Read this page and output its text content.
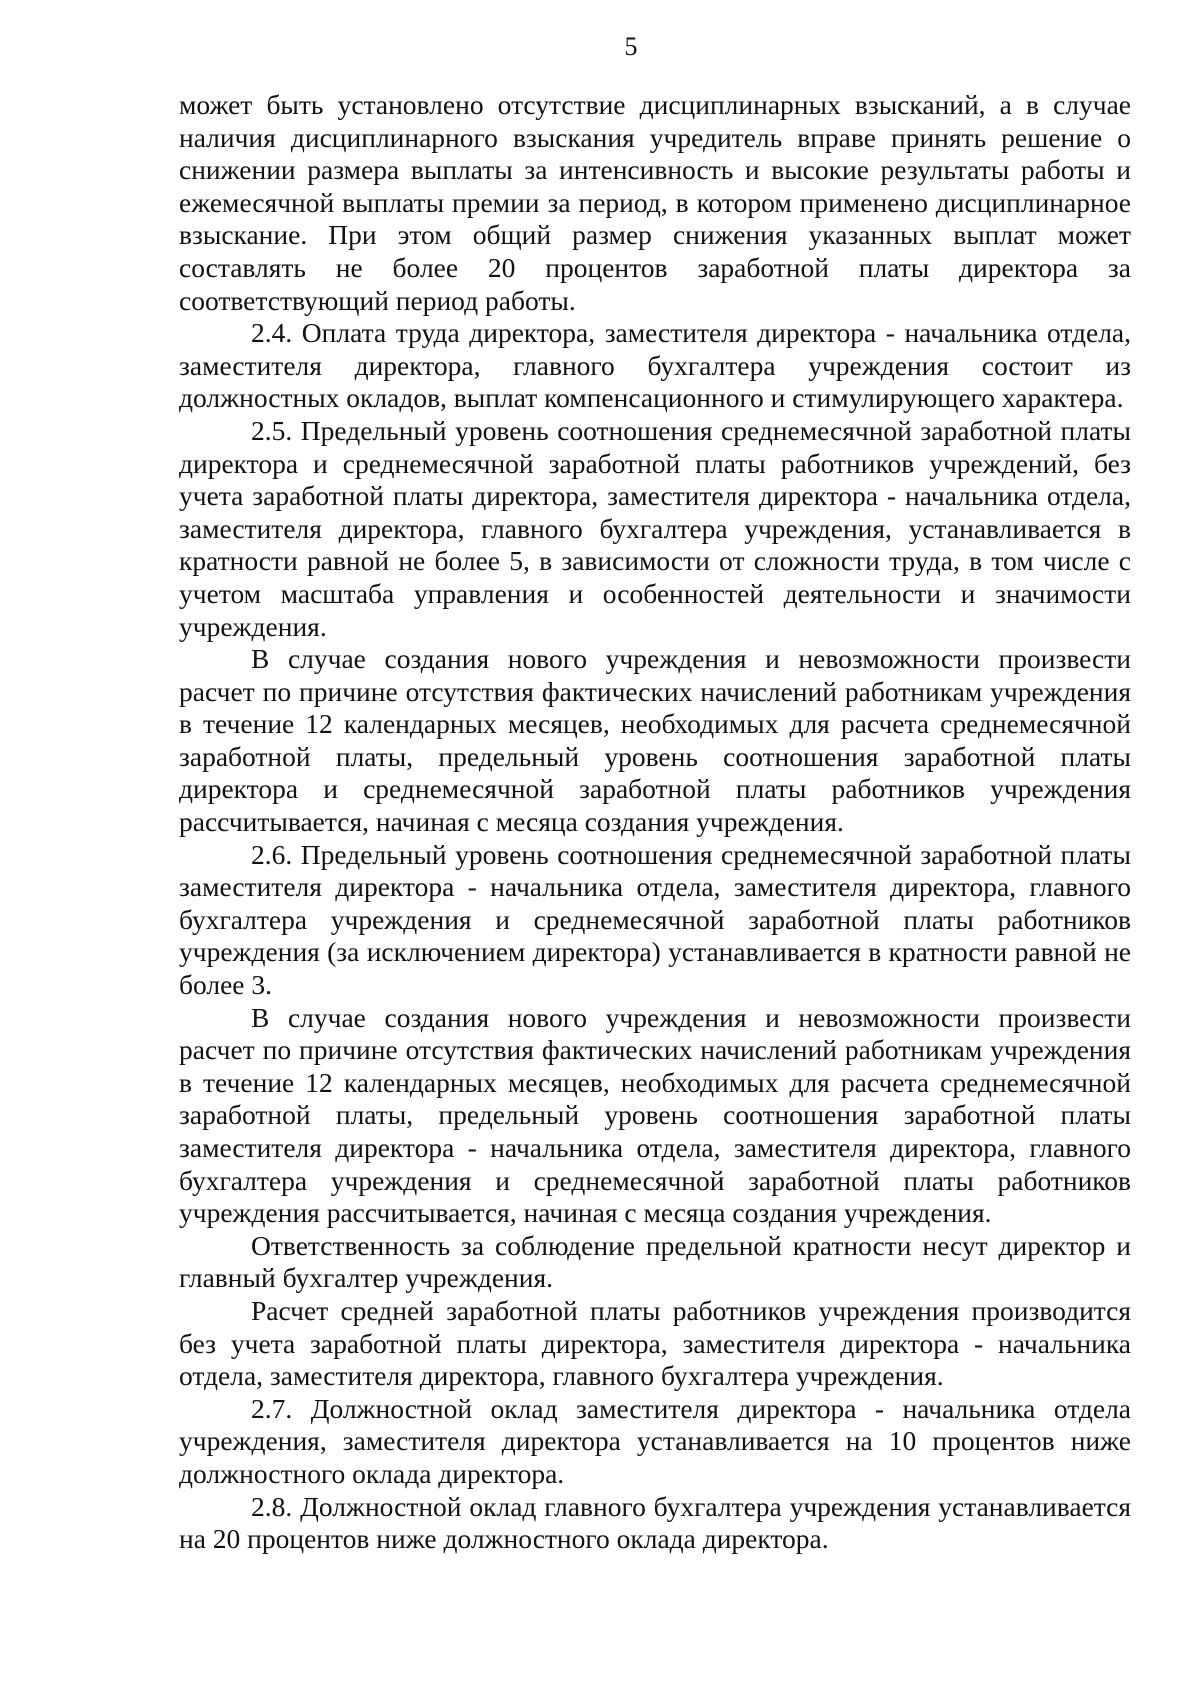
5

может быть установлено отсутствие дисциплинарных взысканий, а в случае наличия дисциплинарного взыскания учредитель вправе принять решение о снижении размера выплаты за интенсивность и высокие результаты работы и ежемесячной выплаты премии за период, в котором применено дисциплинарное взыскание. При этом общий размер снижения указанных выплат может составлять не более 20 процентов заработной платы директора за соответствующий период работы.

2.4. Оплата труда директора, заместителя директора - начальника отдела, заместителя директора, главного бухгалтера учреждения состоит из должностных окладов, выплат компенсационного и стимулирующего характера.

2.5. Предельный уровень соотношения среднемесячной заработной платы директора и среднемесячной заработной платы работников учреждений, без учета заработной платы директора, заместителя директора - начальника отдела, заместителя директора, главного бухгалтера учреждения, устанавливается в кратности равной не более 5, в зависимости от сложности труда, в том числе с учетом масштаба управления и особенностей деятельности и значимости учреждения.

В случае создания нового учреждения и невозможности произвести расчет по причине отсутствия фактических начислений работникам учреждения в течение 12 календарных месяцев, необходимых для расчета среднемесячной заработной платы, предельный уровень соотношения заработной платы директора и среднемесячной заработной платы работников учреждения рассчитывается, начиная с месяца создания учреждения.

2.6. Предельный уровень соотношения среднемесячной заработной платы заместителя директора - начальника отдела, заместителя директора, главного бухгалтера учреждения и среднемесячной заработной платы работников учреждения (за исключением директора) устанавливается в кратности равной не более 3.

В случае создания нового учреждения и невозможности произвести расчет по причине отсутствия фактических начислений работникам учреждения в течение 12 календарных месяцев, необходимых для расчета среднемесячной заработной платы, предельный уровень соотношения заработной платы заместителя директора - начальника отдела, заместителя директора, главного бухгалтера учреждения и среднемесячной заработной платы работников учреждения рассчитывается, начиная с месяца создания учреждения.

Ответственность за соблюдение предельной кратности несут директор и главный бухгалтер учреждения.

Расчет средней заработной платы работников учреждения производится без учета заработной платы директора, заместителя директора - начальника отдела, заместителя директора, главного бухгалтера учреждения.

2.7. Должностной оклад заместителя директора - начальника отдела учреждения, заместителя директора устанавливается на 10 процентов ниже должностного оклада директора.

2.8. Должностной оклад главного бухгалтера учреждения устанавливается на 20 процентов ниже должностного оклада директора.
